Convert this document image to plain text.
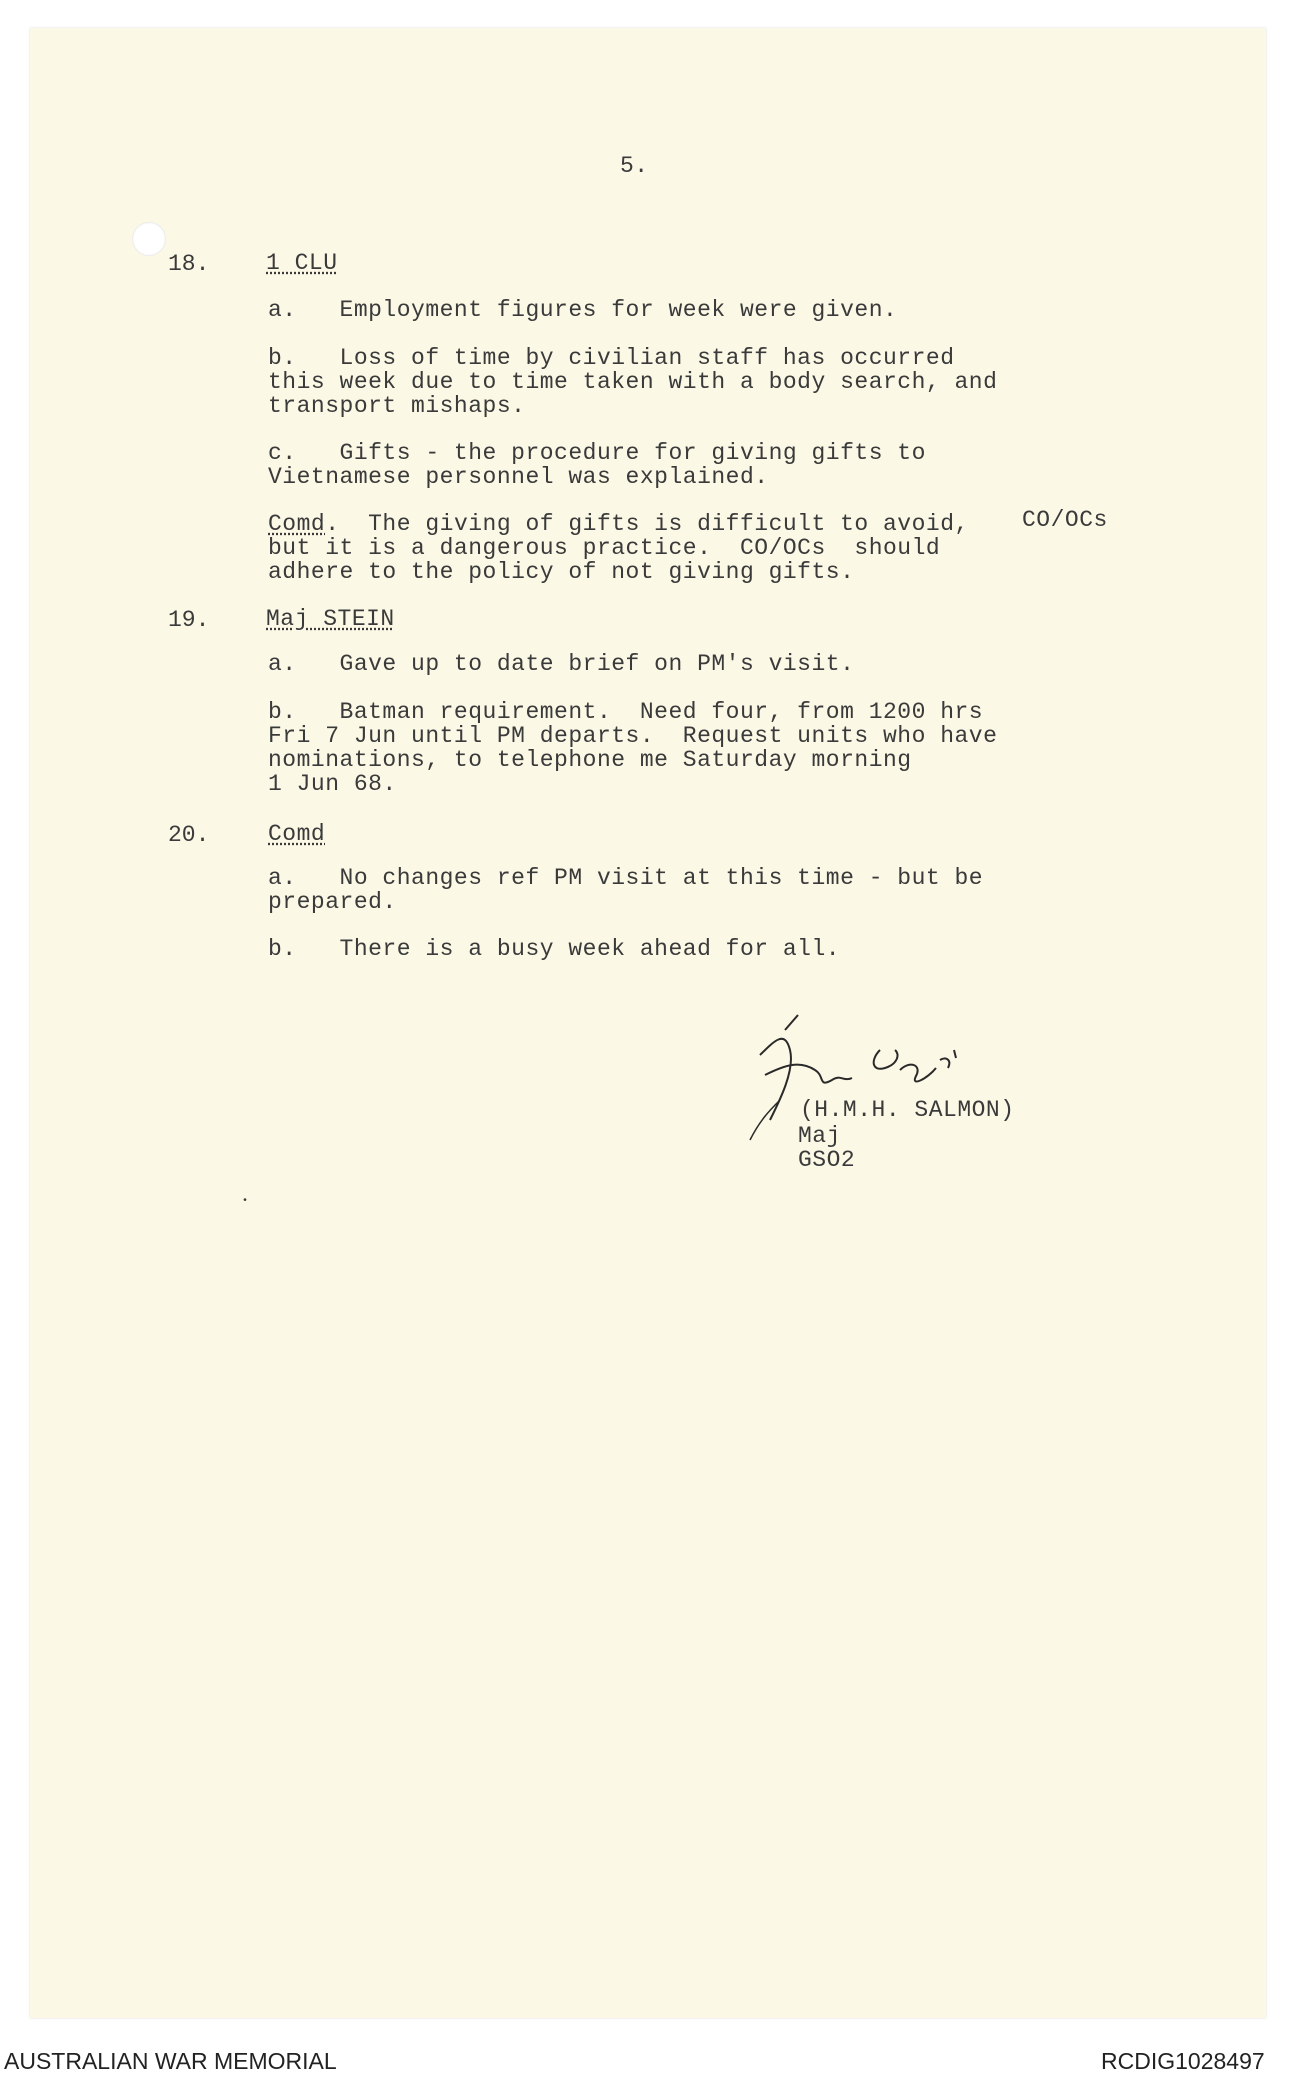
5.
18. 1 CLU
a.   Employment figures for week were given.
b.   Loss of time by civilian staff has occurred
this week due to time taken with a body search, and
transport mishaps.
c.   Gifts - the procedure for giving gifts to
Vietnamese personnel was explained.
Comd.  The giving of gifts is difficult to avoid,
but it is a dangerous practice.  CO/OCs  should
adhere to the policy of not giving gifts.
CO/OCs
19. Maj STEIN
a.   Gave up to date brief on PM's visit.
b.   Batman requirement.  Need four, from 1200 hrs
Fri 7 Jun until PM departs.  Request units who have
nominations, to telephone me Saturday morning
1 Jun 68.
20.	Comd
a.   No changes ref PM visit at this time - but be
prepared.
b.   There is a busy week ahead for all.
(H.M.H. SALMON)
Maj
GSO2
•
AUSTRALIAN WAR MEMORIAL	RCDIG1028497
